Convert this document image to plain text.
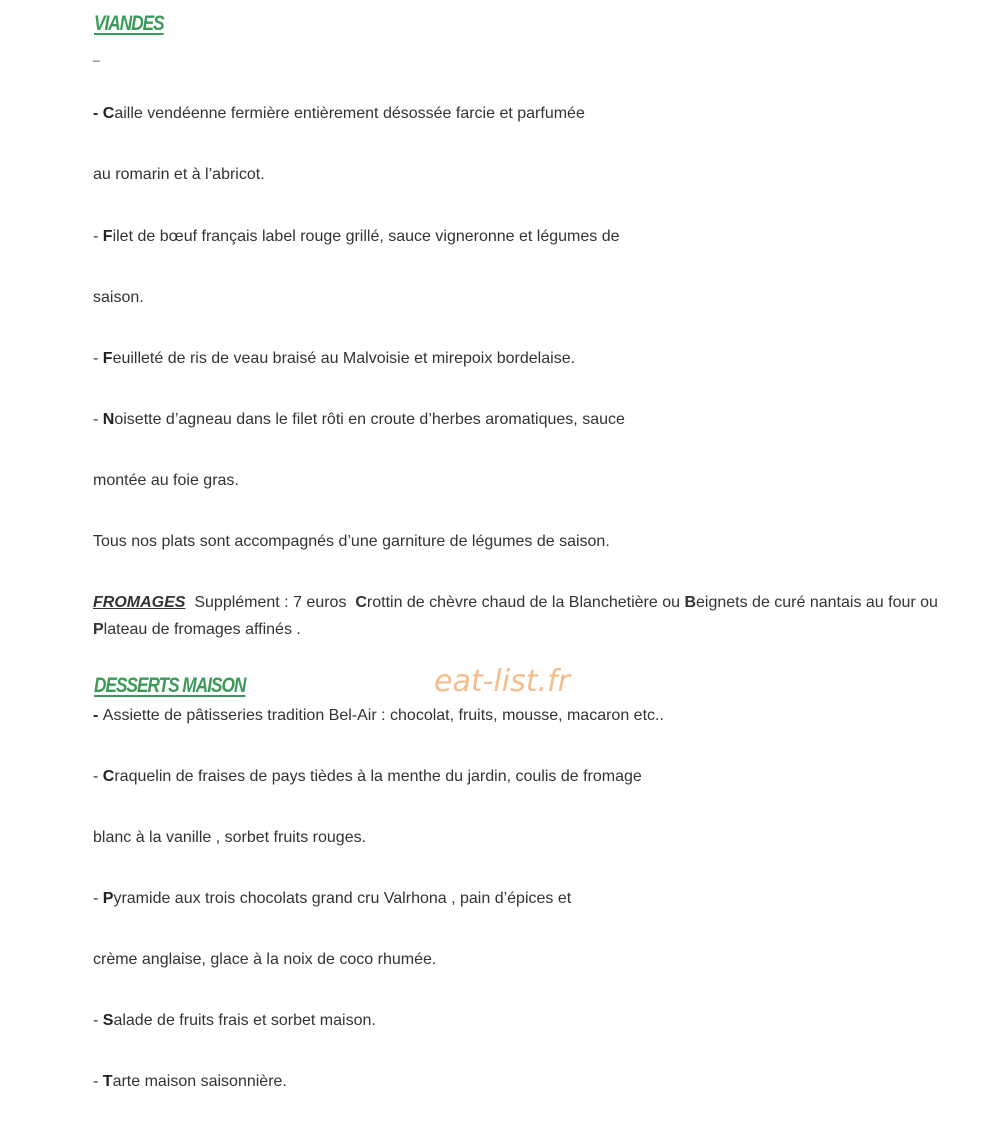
VIANDES
_
- Caille vendéenne fermière entièrement désossée farcie et parfumée
au romarin et à l’abricot.
- Filet de bœuf français label rouge grillé, sauce vigneronne et légumes de
saison.
- Feuilleté de ris de veau braisé au Malvoisie et mirepoix bordelaise.
- Noisette d’agneau dans le filet rôti en croute d’herbes aromatiques, sauce
montée au foie gras.
Tous nos plats sont accompagnés d’une garniture de légumes de saison.
FROMAGES  Supplément : 7 euros  Crottin de chèvre chaud de la Blanchetière ou Beignets de curé nantais au four ou Plateau de fromages affinés .
DESSERTS MAISON	eat-list.fr
- Assiette de pâtisseries tradition Bel-Air : chocolat, fruits, mousse, macaron etc..
- Craquelin de fraises de pays tièdes à la menthe du jardin, coulis de fromage
blanc à la vanille , sorbet fruits rouges.
- Pyramide aux trois chocolats grand cru Valrhona , pain d’épices et
crème anglaise, glace à la noix de coco rhumée.
- Salade de fruits frais et sorbet maison.
- Tarte maison saisonnière.
